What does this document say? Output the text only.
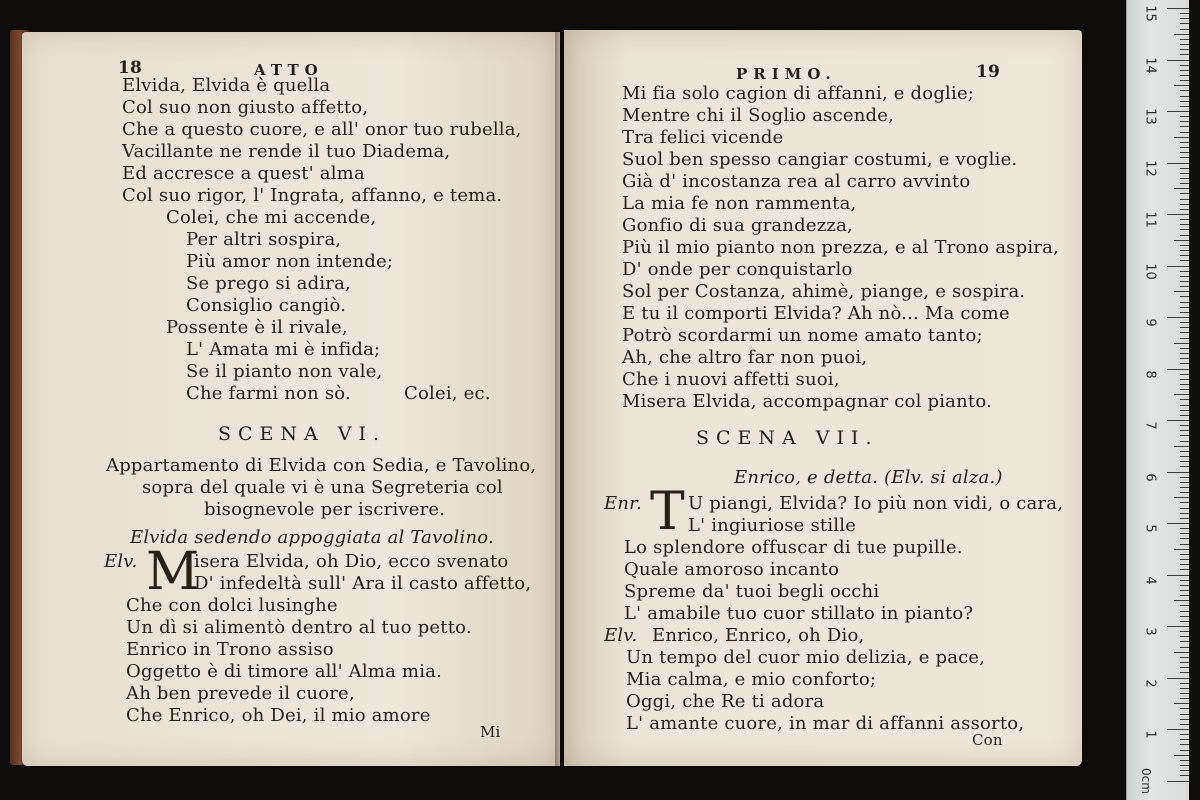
18	ATTO
Elvida, Elvida è quella
Col suo non giusto affetto,
Che a questo cuore, e all' onor tuo rubella,
Vacillante ne rende il tuo Diadema,
Ed accresce a quest' alma
Col suo rigor, l' Ingrata, affanno, e tema.
Colei, che mi accende,
Per altri sospira,
Più amor non intende;
Se prego si adira,
Consiglio cangiò.
Possente è il rivale,
L' Amata mi è infida;
Se il pianto non vale,
Che farmi non sò.	Colei, ec.
SCENA VI.
Appartamento di Elvida con Sedia, e Tavolino,
sopra del quale vi è una Segreteria col
bisognevole per iscrivere.
Elvida sedendo appoggiata al Tavolino.
Elv. M
isera Elvida, oh Dio, ecco svenato
D' infedeltà sull' Ara il casto affetto,
Che con dolci lusinghe
Un dì si alimentò dentro al tuo petto.
Enrico in Trono assiso
Oggetto è di timore all' Alma mia.
Ah ben prevede il cuore,
Che Enrico, oh Dei, il mio amore
Mi
PRIMO.	19
Mi fia solo cagion di affanni, e doglie;
Mentre chi il Soglio ascende,
Tra felici vicende
Suol ben spesso cangiar costumi, e voglie.
Già d' incostanza rea al carro avvinto
La mia fe non rammenta,
Gonfio di sua grandezza,
Più il mio pianto non prezza, e al Trono aspira,
D' onde per conquistarlo
Sol per Costanza, ahimè, piange, e sospira.
E tu il comporti Elvida? Ah nò... Ma come
Potrò scordarmi un nome amato tanto;
Ah, che altro far non puoi,
Che i nuovi affetti suoi,
Misera Elvida, accompagnar col pianto.
SCENA VII.
Enrico, e detta. (Elv. si alza.)
Enr. T U piangi, Elvida? Io più non vidi, o cara,
L' ingiuriose stille
Lo splendore offuscar di tue pupille.
Quale amoroso incanto
Spreme da' tuoi begli occhi
L' amabile tuo cuor stillato in pianto?
Elv. Enrico, Enrico, oh Dio,
Un tempo del cuor mio delizia, e pace,
Mia calma, e mio conforto;
Oggi, che Re ti adora
L' amante cuore, in mar di affanni assorto,
Con
0cm
15
14
13
12
11
10
9
8
7
6
5
4
3
2
1
